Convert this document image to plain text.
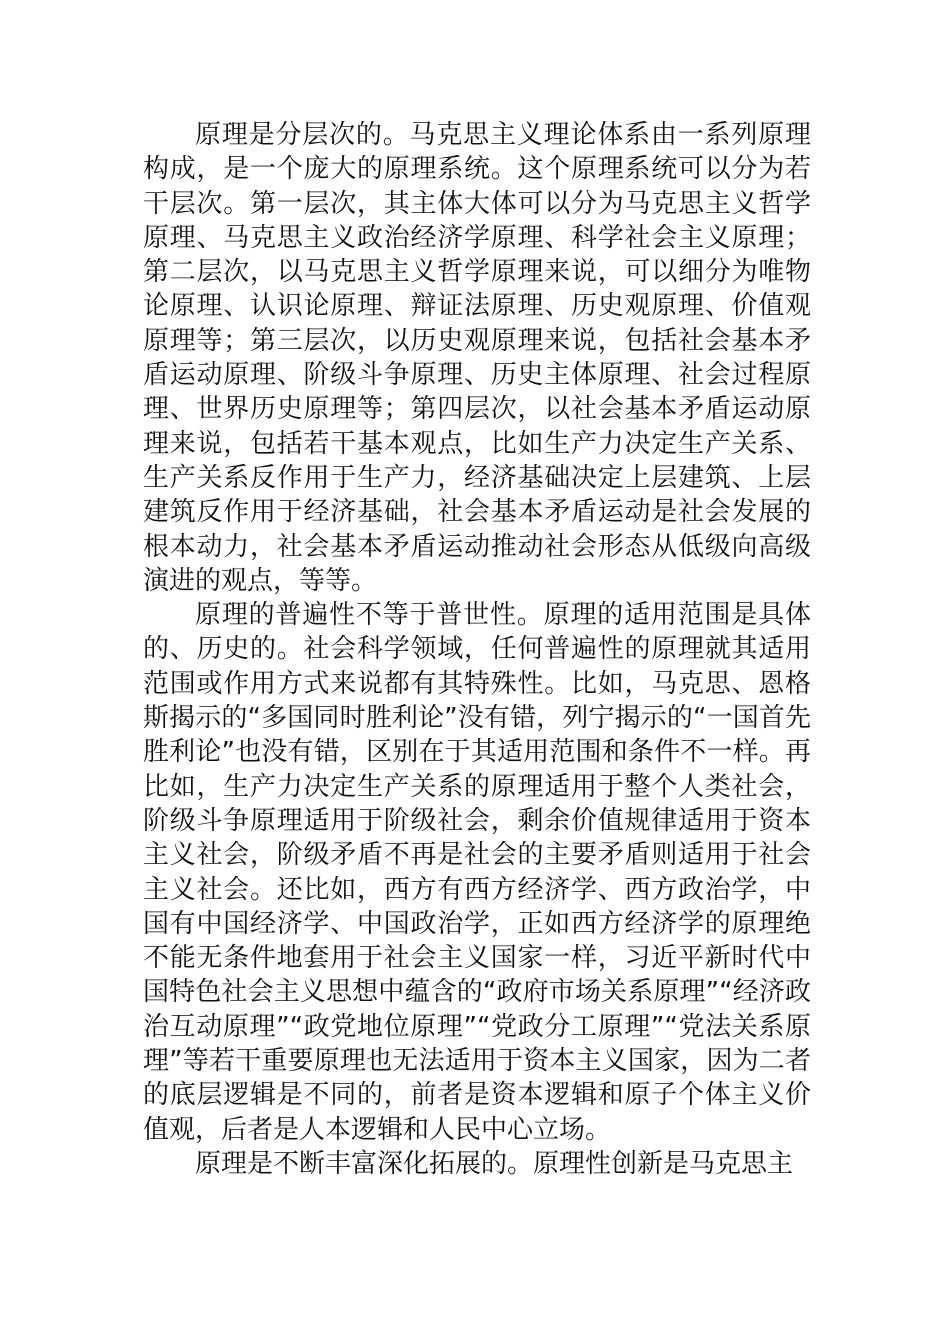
原理是分层次的。马克思主义理论体系由一系列原理构成，是一个庞大的原理系统。这个原理系统可以分为若干层次。第一层次，其主体大体可以分为马克思主义哲学原理、马克思主义政治经济学原理、科学社会主义原理；第二层次，以马克思主义哲学原理来说，可以细分为唯物论原理、认识论原理、辩证法原理、历史观原理、价值观原理等；第三层次，以历史观原理来说，包括社会基本矛盾运动原理、阶级斗争原理、历史主体原理、社会过程原理、世界历史原理等；第四层次，以社会基本矛盾运动原理来说，包括若干基本观点，比如生产力决定生产关系、生产关系反作用于生产力，经济基础决定上层建筑、上层建筑反作用于经济基础，社会基本矛盾运动是社会发展的根本动力，社会基本矛盾运动推动社会形态从低级向高级演进的观点，等等。

原理的普遍性不等于普世性。原理的适用范围是具体的、历史的。社会科学领域，任何普遍性的原理就其适用范围或作用方式来说都有其特殊性。比如，马克思、恩格斯揭示的“多国同时胜利论”没有错，列宁揭示的“一国首先胜利论”也没有错，区别在于其适用范围和条件不一样。再比如，生产力决定生产关系的原理适用于整个人类社会，阶级斗争原理适用于阶级社会，剩余价值规律适用于资本主义社会，阶级矛盾不再是社会的主要矛盾则适用于社会主义社会。还比如，西方有西方经济学、西方政治学，中国有中国经济学、中国政治学，正如西方经济学的原理绝不能无条件地套用于社会主义国家一样，习近平新时代中国特色社会主义思想中蕴含的“政府市场关系原理”“经济政治互动原理”“政党地位原理”“党政分工原理”“党法关系原理”等若干重要原理也无法适用于资本主义国家，因为二者的底层逻辑是不同的，前者是资本逻辑和原子个体主义价值观，后者是人本逻辑和人民中心立场。

原理是不断丰富深化拓展的。原理性创新是马克思主
